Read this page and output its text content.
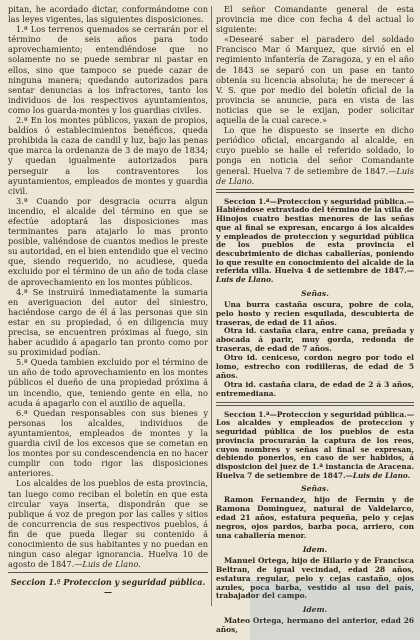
pitan, he acordado dictar, conformándome con las leyes vigentes, las siguientes disposiciones.

1.ª Los terrenos quemados se cerrarán por el término de seis años para todo aprovechamiento; entendiéndose que no solamente no se puede sembrar ni pastar en ellos, sino que tampoco se puede cazar de ninguna manera; quedando autorizados para sentar denuncias a los infractores, tanto los individuos de los respectivos ayuntamientos, como los guarda-montes y los guardias civiles.

2.ª En los montes públicos, yaxan de propios, baldíos ó establecimientos benéficos, queda prohibida la caza de candil y luz, bajo las penas que marca la ordenanza de 3 de mayo de 1834; y quedan igualmente autorizados para perseguir a los contraventores los ayuntamientos, empleados de montes y guardia civil.

3.ª Cuando por desgracia ocurra algun incendio, el alcalde del término en que se efectúe adoptará las disposiciones mas terminantes para atajarlo lo mas pronto posible, valiéndose de cuantos medios le preste su autoridad, en el bien entendido que el vecino que, siendo requerido, no acudiese, queda excluido por el término de un año de toda clase de aprovechamiento en los montes públicos.

4.ª Se instruirá inmediatamente la sumaria en averiguacion del autor del siniestro, haciéndose cargo de él á las personas que sin estar en su propiedad, ó en diligencia muy precisa, se encuentren próximas al fuego, sin haber acudido á apagarlo tan pronto como por su proximidad podían.

5.ª Queda tambien excluido por el término de un año de todo aprovechamiento en los montes públicos el dueño de una propiedad próxima á un incendio, que, teniendo gente en ella, no acuda á apagarlo con el auxilio de aquella.

6.ª Quedan responsables con sus bienes y personas los alcaldes, individuos de ayuntamientos, empleados de montes y la guardia civil de los excesos que se cometan en los montes por su condescendencia en no hacer cumplir con todo rigor las disposiciones anteriores.

Los alcaldes de los pueblos de esta provincia, tan luego como reciban el boletín en que esta circular vaya inserta, dispondrán que se publique á voz de pregon por las calles y sitios de concurrencia de sus respectivos pueblos, á fin de que pueda llegar su contenido á conocimiento de sus habitantes y no puedan en ningun caso alegar ignorancia. Huelva 10 de agosto de 1847.—Luis de Llano.

Seccion 1.ª Proteccion y seguridad pública.—

El señor Comandante general de esta provincia me dice con fecha 4 del actual lo siguiente:

«Desearé saber el paradero del soldado Francisco Mar ó Marquez, que sirvió en el regimiento infantería de Zaragoza, y en el año de 1843 se separó con un pase en tanto obtenía su licencia absoluta; he de merecer á V. S. que por medio del boletín oficial de la provincia se anuncie, para en vista de las noticias que se le exijan, poder solicitar aquella de la cual carece.»

Lo que he dispuesto se inserte en dicho periódico oficial, encargando al alcalde, en cuyo pueblo se halle el referido soldado, lo ponga en noticia del señor Comandante general. Huelva 7 de setiembre de 1847.—Luis de Llano.

Seccion 1.ª—Proteccion y seguridad pública.—Habiéndose extraviado del término de la villa de Hinojos cuatro bestias menores de las señas que al final se expresan, encargo á los alcaldes y empleados de proteccion y seguridad pública de los pueblos de esta provincia el descubrimiento de dichas caballerías, poniendo lo que resulte en conocimiento del alcalde de la referida villa. Huelva 4 de setiembre de 1847.—Luis de Llano.

Señas.

Una burra castaña oscura, pobre de cola, pelo hosto y recien esquilada, descubierta de traseras, de edad de 11 años.

Otra id. castaña clara, entre cana, preñada y abocada á parir, muy gorda, redonda de traseras, de edad de 7 años.

Otro id. ceniceso, cordon negro por todo el lomo, estrecho con rodilleras, de edad de 5 años.

Otra id. castaña clara, de edad de 2 á 3 años, entremediana.

Seccion 1.ª—Proteccion y seguridad pública.—Los alcaldes y empleados de proteccion y seguridad pública de los pueblos de esta provincia procurarán la captura de los reos, cuyos nombres y señas al final se expresan, debiendo ponerlos, en caso de ser habidos, á disposicion del juez de 1.ª instancia de Aracena. Huelva 7 de setiembre de 1847.—Luis de Llano.

Señas.

Ramon Fernandez, hijo de Fermin y de Ramona Dominguez, natural de Valdelarco, edad 21 años, estatura pequeña, pelo y cejas negros, ojos pardos, barba poca, arriero, con una caballería menor.

Idem.

Manuel Ortega, hijo de Hilario y de Francisca Beltran, de igual vecindad, edad 28 años, estatura regular, pelo y cejas castaño, ojos azules, poca barba, vestido al uso del país, trabajador del campo.

Idem.

Mateo Ortega, hermano del anterior, edad 26 años,
